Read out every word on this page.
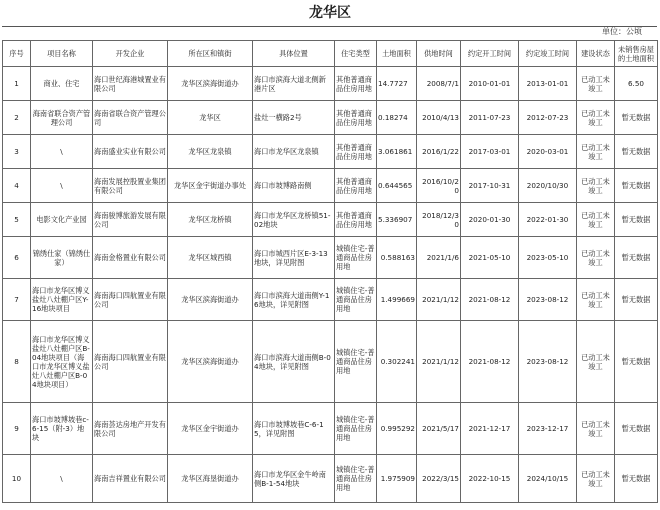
龙华区
单位：公顷
序号	项目名称	开发企业	所在区和镇街	具体位置	住宅类型	土地面积	供地时间	约定开工时间	约定竣工时间	建设状态	未销售房屋的土地面积
1	商业、住宅	海口世纪海港城置业有限公司	龙华区滨海街道办	海口市滨海大道北侧新港片区	其他普通商品住房用地	14.7727	2008/7/1	2010-01-01	2013-01-01	已动工未竣工	6.50
2	海南省联合资产管理公司	海南省联合资产管理公司	龙华区	盐灶一横路2号	其他普通商品住房用地	0.18274	2010/4/13	2011-07-23	2012-07-23	已动工未竣工	暂无数据
3	\	海南盛业实业有限公司	龙华区龙泉镇	海口市龙华区龙泉镇	其他普通商品住房用地	3.061861	2016/1/22	2017-03-01	2020-03-01	已动工未竣工	暂无数据
4	\	海南发展控股置业集团有限公司	龙华区金宇街道办事处	海口市坡博路南侧	其他普通商品住房用地	0.644565	2016/10/20	2017-10-31	2020/10/30	已动工未竣工	暂无数据
5	电影文化产业园	海南骏博旅游发展有限公司	龙华区龙桥镇	海口市龙华区龙桥镇51-02地块	其他普通商品住房用地	5.336907	2018/12/30	2020-01-30	2022-01-30	已动工未竣工	暂无数据
6	锦绣仕家（锦绣仕家）	海南金格置业有限公司	龙华区城西镇	海口市城西片区E-3-13地块，详见附图	城镇住宅-普通商品住房用地	0.588163	2021/1/6	2021-05-10	2023-05-10	已动工未竣工	暂无数据
7	海口市龙华区博义盐灶八灶棚户区Y-16地块项目	海南海口四航置业有限公司	龙华区滨海街道办	海口市滨海大道南侧Y-16地块，详见附图	城镇住宅-普通商品住房用地	1.499669	2021/1/12	2021-08-12	2023-08-12	已动工未竣工	暂无数据
8	海口市龙华区博义盐灶八灶棚户区B-04地块项目（海口市龙华区博义盐灶八灶棚户区B-04地块项目）	海南海口四航置业有限公司	龙华区滨海街道办	海口市滨海大道南侧B-04地块，详见附图	城镇住宅-普通商品住房用地	0.302241	2021/1/12	2021-08-12	2023-08-12	已动工未竣工	暂无数据
9	海口市坡博坡巷c-6-15（附-3）地块	海南荟达房地产开发有限公司	龙华区金宇街道办	海口市坡博坡巷C-6-15，详见附图	城镇住宅-普通商品住房用地	0.995292	2021/5/17	2021-12-17	2023-12-17	已动工未竣工	暂无数据
10	\	海南吉祥置业有限公司	龙华区海垦街道办	海口市龙华区金牛岭南侧B-1-54地块	城镇住宅-普通商品住房用地	1.975909	2022/3/15	2022-10-15	2024/10/15	已动工未竣工	暂无数据
